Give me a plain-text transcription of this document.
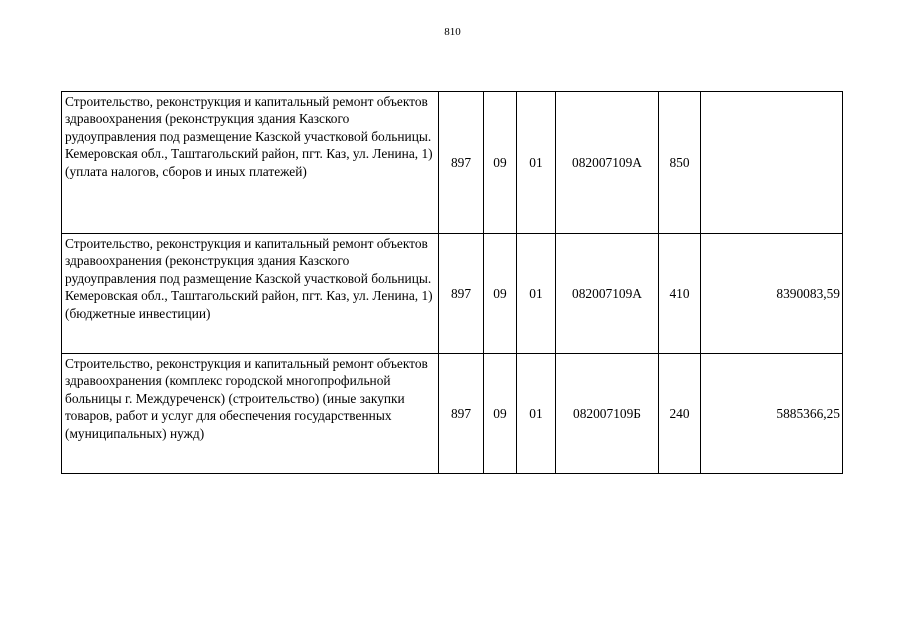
810
Строительство, реконструкция и капитальный ремонт объектов здравоохранения (реконструкция здания Казского рудоуправления под размещение Казской участковой больницы. Кемеровская обл., Таштагольский район, пгт. Каз, ул. Ленина, 1) (уплата налогов, сборов и иных платежей)	897	09	01	082007109А	850	
Строительство, реконструкция и капитальный ремонт объектов здравоохранения (реконструкция здания Казского рудоуправления под размещение Казской участковой больницы. Кемеровская обл., Таштагольский район, пгт. Каз, ул. Ленина, 1) (бюджетные инвестиции)	897	09	01	082007109А	410	8390083,59
Строительство, реконструкция и капитальный ремонт объектов здравоохранения (комплекс городской многопрофильной больницы г. Междуреченск) (строительство) (иные закупки товаров, работ и услуг для обеспечения государственных (муниципальных) нужд)	897	09	01	082007109Б	240	5885366,25
